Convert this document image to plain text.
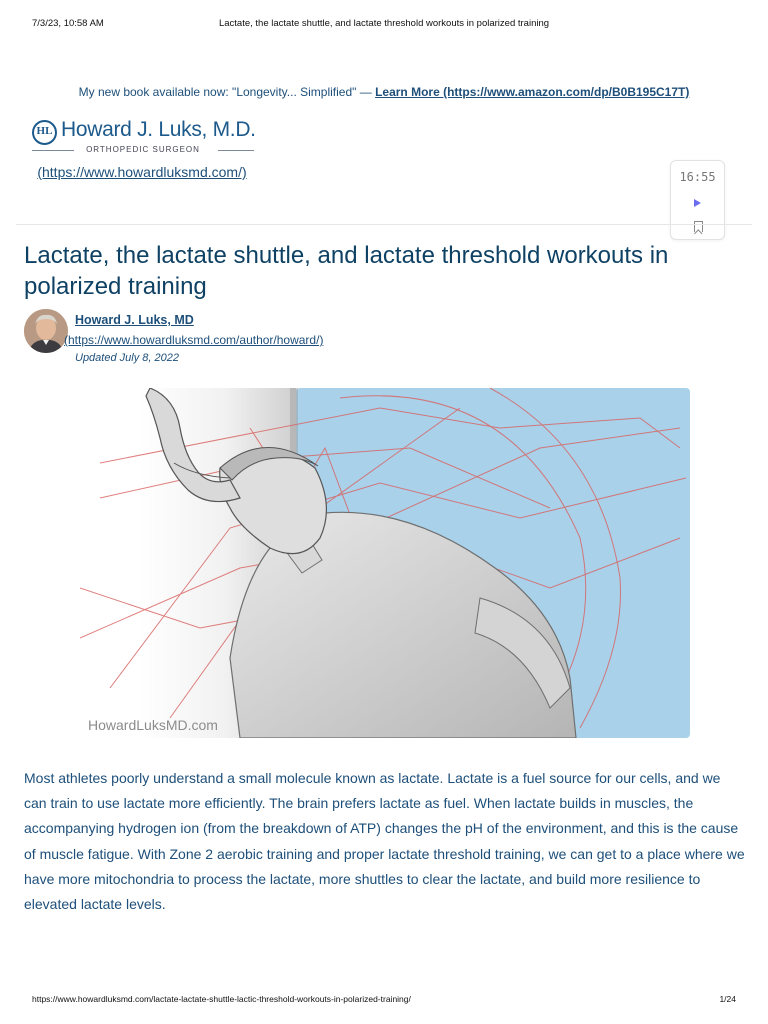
7/3/23, 10:58 AM	Lactate, the lactate shuttle, and lactate threshold workouts in polarized training
My new book available now: "Longevity... Simplified" — Learn More (https://www.amazon.com/dp/B0B195C17T)
HL Howard J. Luks, M.D.
ORTHOPEDIC SURGEON
(https://www.howardluksmd.com/)	16:55
Lactate, the lactate shuttle, and lactate threshold workouts in polarized training
Howard J. Luks, MD
(https://www.howardluksmd.com/author/howard/)
Updated July 8, 2022
HowardLuksMD.com

Most athletes poorly understand a small molecule known as lactate. Lactate is a fuel source for our cells, and we can train to use lactate more efficiently. The brain prefers lactate as fuel. When lactate builds in muscles, the accompanying hydrogen ion (from the breakdown of ATP) changes the pH of the environment, and this is the cause of muscle fatigue. With Zone 2 aerobic training and proper lactate threshold training, we can get to a place where we have more mitochondria to process the lactate, more shuttles to clear the lactate, and build more resilience to elevated lactate levels.

https://www.howardluksmd.com/lactate-lactate-shuttle-lactic-threshold-workouts-in-polarized-training/	1/24
